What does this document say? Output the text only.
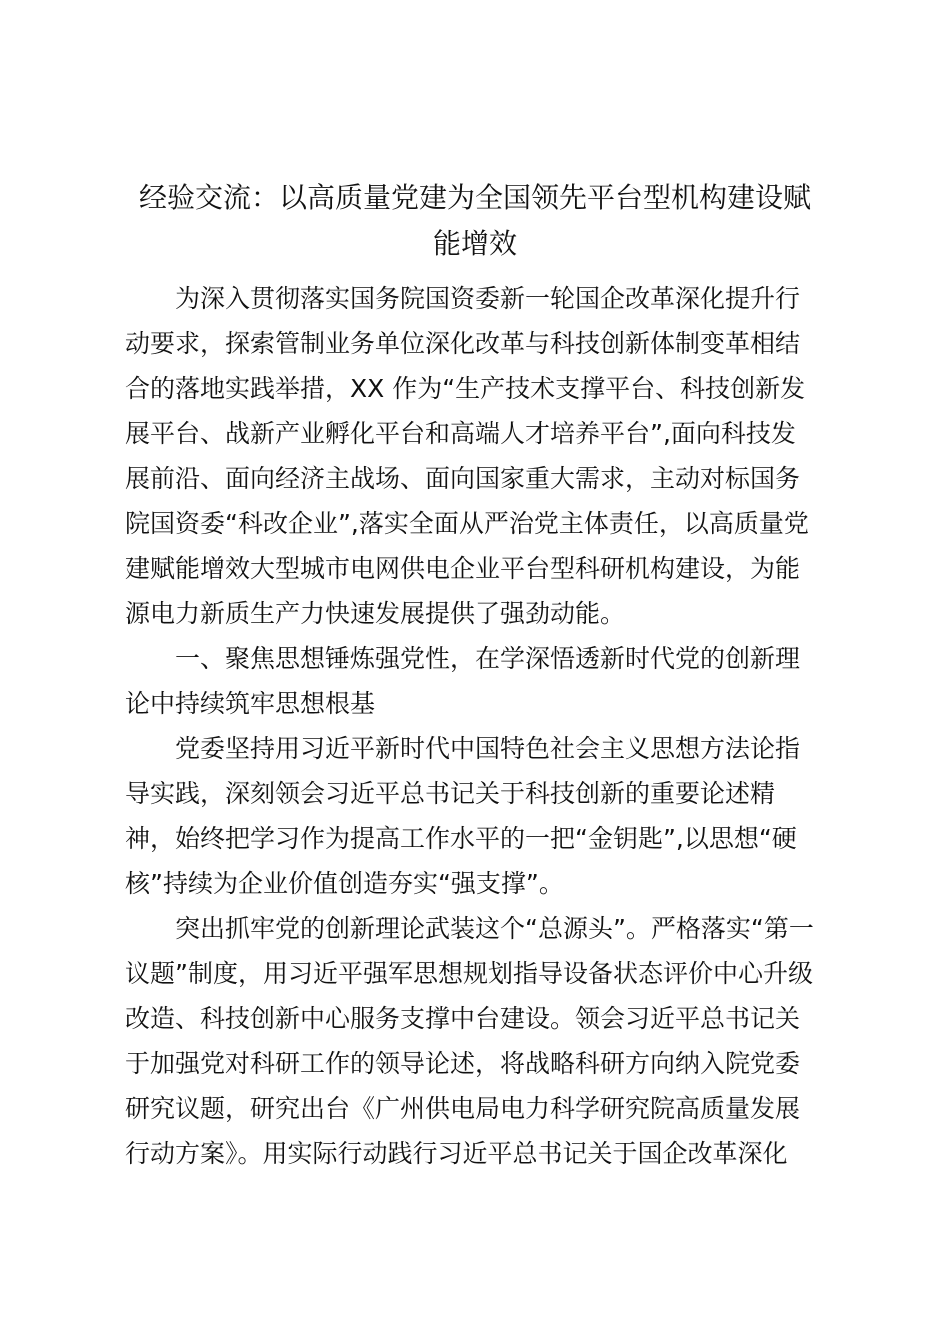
经验交流：以高质量党建为全国领先平台型机构建设赋
能增效

为深入贯彻落实国务院国资委新一轮国企改革深化提升行
动要求，探索管制业务单位深化改革与科技创新体制变革相结
合的落地实践举措，XX 作为“生产技术支撑平台、科技创新发
展平台、战新产业孵化平台和高端人才培养平台”,面向科技发
展前沿、面向经济主战场、面向国家重大需求，主动对标国务
院国资委“科改企业”,落实全面从严治党主体责任，以高质量党
建赋能增效大型城市电网供电企业平台型科研机构建设，为能
源电力新质生产力快速发展提供了强劲动能。

一、聚焦思想锤炼强党性，在学深悟透新时代党的创新理
论中持续筑牢思想根基

党委坚持用习近平新时代中国特色社会主义思想方法论指
导实践，深刻领会习近平总书记关于科技创新的重要论述精
神，始终把学习作为提高工作水平的一把“金钥匙”,以思想“硬
核”持续为企业价值创造夯实“强支撑”。

突出抓牢党的创新理论武装这个“总源头”。严格落实“第一
议题”制度，用习近平强军思想规划指导设备状态评价中心升级
改造、科技创新中心服务支撑中台建设。领会习近平总书记关
于加强党对科研工作的领导论述，将战略科研方向纳入院党委
研究议题，研究出台《广州供电局电力科学研究院高质量发展
行动方案》。用实际行动践行习近平总书记关于国企改革深化
